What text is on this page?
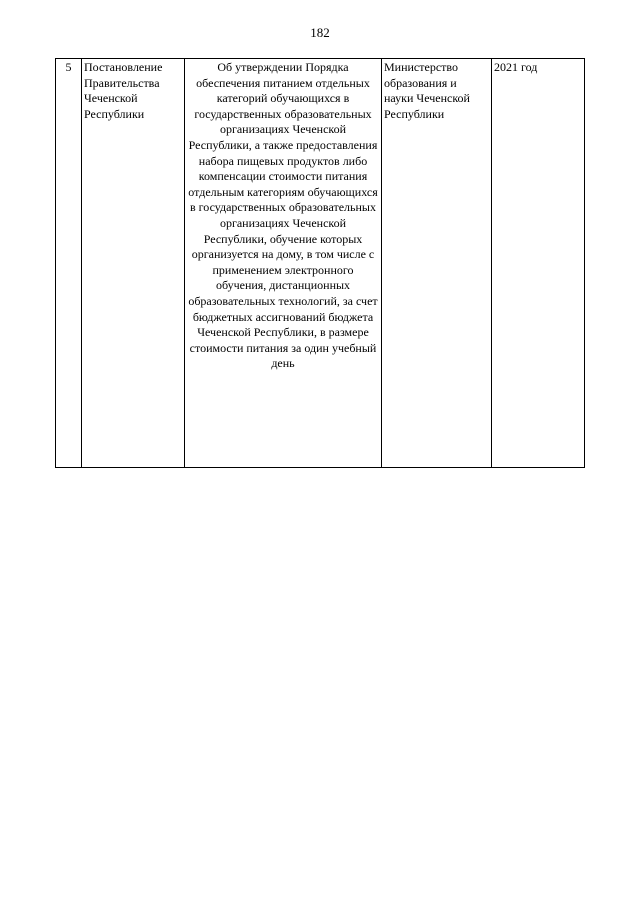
182
5	Постановление Правительства Чеченской Республики	Об утверждении Порядка обеспечения питанием отдельных категорий обучающихся в государственных образовательных организациях Чеченской Республики, а также предоставления набора пищевых продуктов либо компенсации стоимости питания отдельным категориям обучающихся в государственных образовательных организациях Чеченской Республики, обучение которых организуется на дому, в том числе с применением электронного обучения, дистанционных образовательных технологий, за счет бюджетных ассигнований бюджета Чеченской Республики, в размере стоимости питания за один учебный день	Министерство образования и науки Чеченской Республики	2021 год
